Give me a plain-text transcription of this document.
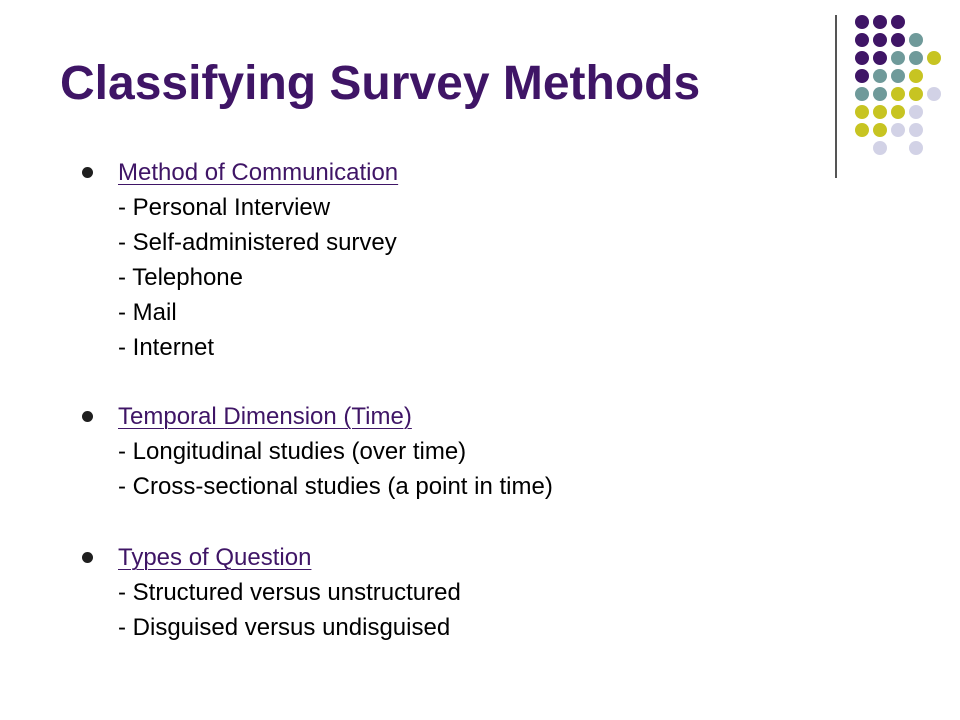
Classifying Survey Methods
Method of Communication
- Personal Interview
- Self-administered survey
- Telephone
- Mail
- Internet
Temporal Dimension (Time)
- Longitudinal studies (over time)
- Cross-sectional studies (a point in time)
Types of Question
- Structured versus unstructured
- Disguised versus undisguised
